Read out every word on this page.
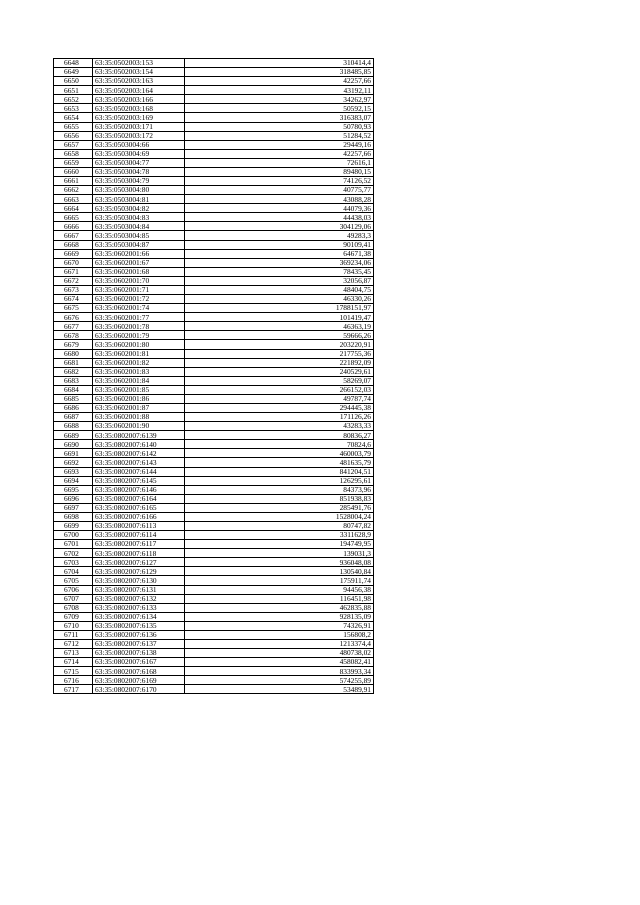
6648	63:35:0502003:153	310414,4
6649	63:35:0502003:154	318485,85
6650	63:35:0502003:163	42257,66
6651	63:35:0502003:164	43192,11
6652	63:35:0502003:166	34262,97
6653	63:35:0502003:168	50592,15
6654	63:35:0502003:169	316383,07
6655	63:35:0502003:171	50780,93
6656	63:35:0502003:172	51284,52
6657	63:35:0503004:66	29449,16
6658	63:35:0503004:69	42257,66
6659	63:35:0503004:77	72616,1
6660	63:35:0503004:78	89480,15
6661	63:35:0503004:79	74126,52
6662	63:35:0503004:80	40775,77
6663	63:35:0503004:81	43088,28
6664	63:35:0503004:82	44079,36
6665	63:35:0503004:83	44438,03
6666	63:35:0503004:84	304129,06
6667	63:35:0503004:85	49283,3
6668	63:35:0503004:87	90109,41
6669	63:35:0602001:66	64671,38
6670	63:35:0602001:67	369234,06
6671	63:35:0602001:68	78435,45
6672	63:35:0602001:70	32056,87
6673	63:35:0602001:71	48404,75
6674	63:35:0602001:72	46330,26
6675	63:35:0602001:74	1788151,97
6676	63:35:0602001:77	101419,47
6677	63:35:0602001:78	46363,19
6678	63:35:0602001:79	59666,26
6679	63:35:0602001:80	203220,91
6680	63:35:0602001:81	217755,36
6681	63:35:0602001:82	221892,09
6682	63:35:0602001:83	240529,61
6683	63:35:0602001:84	58269,07
6684	63:35:0602001:85	266152,03
6685	63:35:0602001:86	49787,74
6686	63:35:0602001:87	294445,38
6687	63:35:0602001:88	171126,26
6688	63:35:0602001:90	43283,33
6689	63:35:0802007:6139	80836,27
6690	63:35:0802007:6140	70824,6
6691	63:35:0802007:6142	460003,79
6692	63:35:0802007:6143	481635,79
6693	63:35:0802007:6144	841204,51
6694	63:35:0802007:6145	126295,61
6695	63:35:0802007:6146	84373,96
6696	63:35:0802007:6164	851938,83
6697	63:35:0802007:6165	285491,76
6698	63:35:0802007:6166	1528004,24
6699	63:35:0802007:6113	80747,82
6700	63:35:0802007:6114	3311628,9
6701	63:35:0802007:6117	194749,95
6702	63:35:0802007:6118	139031,3
6703	63:35:0802007:6127	936048,08
6704	63:35:0802007:6129	130540,84
6705	63:35:0802007:6130	175911,74
6706	63:35:0802007:6131	94456,38
6707	63:35:0802007:6132	116451,98
6708	63:35:0802007:6133	462835,88
6709	63:35:0802007:6134	928135,09
6710	63:35:0802007:6135	74326,91
6711	63:35:0802007:6136	156808,2
6712	63:35:0802007:6137	1213374,4
6713	63:35:0802007:6138	480738,02
6714	63:35:0802007:6167	458082,41
6715	63:35:0802007:6168	833993,34
6716	63:35:0802007:6169	574255,89
6717	63:35:0802007:6170	53489,91
